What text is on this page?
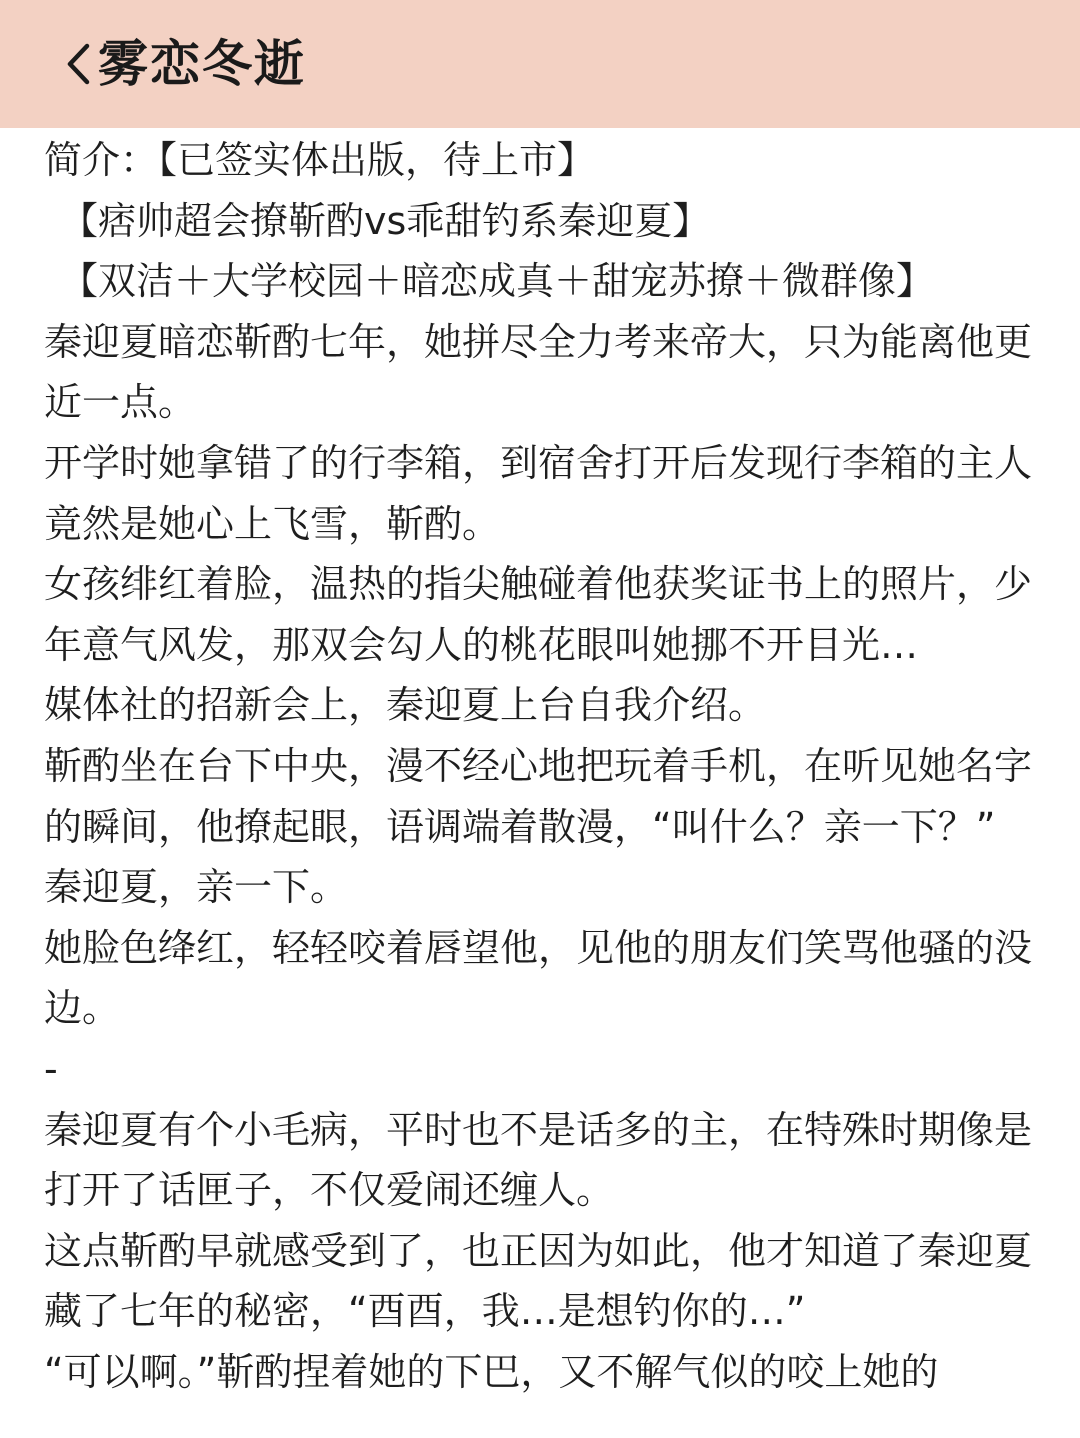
雾恋冬逝

简介：【已签实体出版，待上市】

【痞帅超会撩靳酌vs乖甜钓系秦迎夏】

【双洁＋大学校园＋暗恋成真＋甜宠苏撩＋微群像】

秦迎夏暗恋靳酌七年，她拼尽全力考来帝大，只为能离他更近一点。

开学时她拿错了的行李箱，到宿舍打开后发现行李箱的主人竟然是她心上飞雪，靳酌。

女孩绯红着脸，温热的指尖触碰着他获奖证书上的照片，少年意气风发，那双会勾人的桃花眼叫她挪不开目光…

媒体社的招新会上，秦迎夏上台自我介绍。

靳酌坐在台下中央，漫不经心地把玩着手机，在听见她名字的瞬间，他撩起眼，语调端着散漫，“叫什么？亲一下？”

秦迎夏，亲一下。

她脸色绛红，轻轻咬着唇望他，见他的朋友们笑骂他骚的没边。

-

秦迎夏有个小毛病，平时也不是话多的主，在特殊时期像是打开了话匣子，不仅爱闹还缠人。

这点靳酌早就感受到了，也正因为如此，他才知道了秦迎夏藏了七年的秘密，“酉酉，我…是想钓你的…”

“可以啊。”靳酌捏着她的下巴，又不解气似的咬上她的
